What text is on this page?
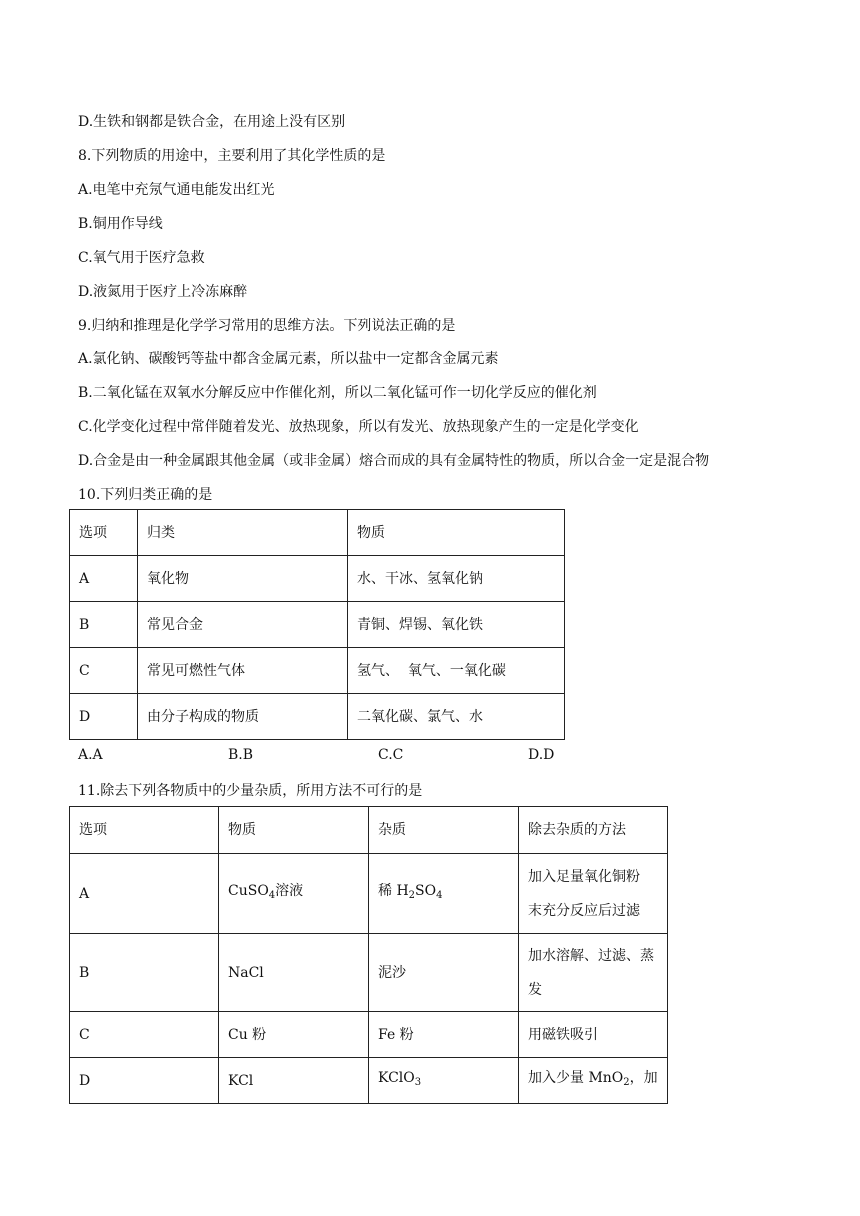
D.生铁和钢都是铁合金，在用途上没有区别
8.下列物质的用途中，主要利用了其化学性质的是
A.电笔中充氖气通电能发出红光
B.铜用作导线
C.氧气用于医疗急救
D.液氮用于医疗上冷冻麻醉
9.归纳和推理是化学学习常用的思维方法。下列说法正确的是
A.氯化钠、碳酸钙等盐中都含金属元素，所以盐中一定都含金属元素
B.二氧化锰在双氧水分解反应中作催化剂，所以二氧化锰可作一切化学反应的催化剂
C.化学变化过程中常伴随着发光、放热现象，所以有发光、放热现象产生的一定是化学变化
D.合金是由一种金属跟其他金属（或非金属）熔合而成的具有金属特性的物质，所以合金一定是混合物
10.下列归类正确的是
选项	归类	物质
A	氧化物	水、干冰、氢氧化钠
B	常见合金	青铜、焊锡、氧化铁
C	常见可燃性气体	氢气、  氧气、一氧化碳
D	由分子构成的物质	二氧化碳、氯气、水
A.A	B.B	C.C	D.D
11.除去下列各物质中的少量杂质，所用方法不可行的是
选项	物质	杂质	除去杂质的方法
A	CuSO$_4$溶液	稀 $H_2SO_4$	加入足量氧化铜粉
末充分反应后过滤

B	NaCl	泥沙	加水溶解、过滤、蒸
发

C	Cu 粉	Fe 粉	用磁铁吸引
D	KCl	KClO$_3$	加入少量 MnO$_2$，加
